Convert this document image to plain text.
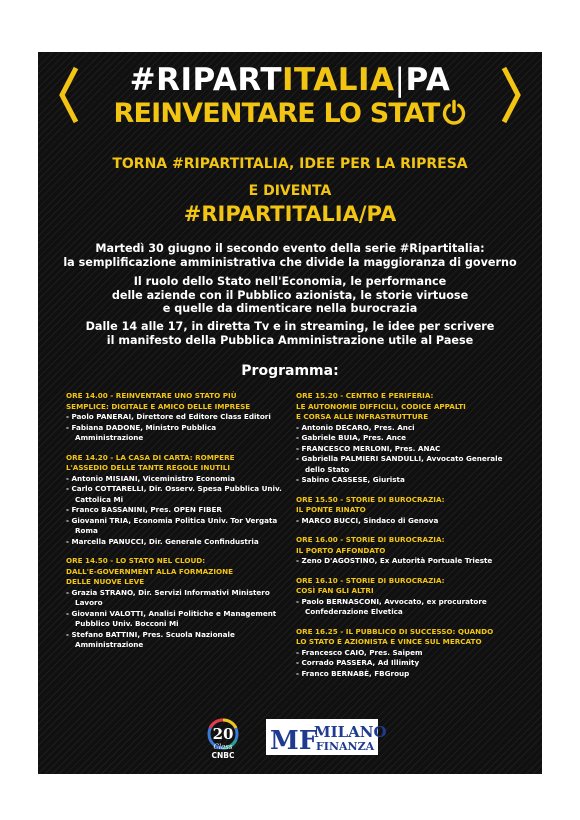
#RIPARTITALIA|PA
REINVENTARE LO STAT
TORNA #RIPARTITALIA, IDEE PER LA RIPRESA
E DIVENTA
#RIPARTITALIA/PA
Martedì 30 giugno il secondo evento della serie #Ripartitalia:
la semplificazione amministrativa che divide la maggioranza di governo
Il ruolo dello Stato nell'Economia, le performance
delle aziende con il Pubblico azionista, le storie virtuose
e quelle da dimenticare nella burocrazia
Dalle 14 alle 17, in diretta Tv e in streaming, le idee per scrivere
il manifesto della Pubblica Amministrazione utile al Paese
Programma:
ORE 14.00 - REINVENTARE UNO STATO PIÙ
SEMPLICE: DIGITALE E AMICO DELLE IMPRESE
- Paolo PANERAI, Direttore ed Editore Class Editori
- Fabiana DADONE, Ministro Pubblica
Amministrazione
ORE 14.20 - LA CASA DI CARTA: ROMPERE
L'ASSEDIO DELLE TANTE REGOLE INUTILI
- Antonio MISIANI, Viceministro Economia
- Carlo COTTARELLI, Dir. Osserv. Spesa Pubblica Univ.
Cattolica Mi
- Franco BASSANINI, Pres. OPEN FIBER
- Giovanni TRIA, Economia Politica Univ. Tor Vergata
Roma
- Marcella PANUCCI, Dir. Generale Confindustria
ORE 14.50 - LO STATO NEL CLOUD:
DALL'E-GOVERNMENT ALLA FORMAZIONE
DELLE NUOVE LEVE
- Grazia STRANO, Dir. Servizi Informativi Ministero
Lavoro
- Giovanni VALOTTI, Analisi Politiche e Management
Pubblico Univ. Bocconi Mi
- Stefano BATTINI, Pres. Scuola Nazionale
Amministrazione
ORE 15.20 - CENTRO E PERIFERIA:
LE AUTONOMIE DIFFICILI, CODICE APPALTI
E CORSA ALLE INFRASTRUTTURE
- Antonio DECARO, Pres. Anci
- Gabriele BUIA, Pres. Ance
- FRANCESCO MERLONI, Pres. ANAC
- Gabriella PALMIERI SANDULLI, Avvocato Generale
dello Stato
- Sabino CASSESE, Giurista
ORE 15.50 - STORIE DI BUROCRAZIA:
IL PONTE RINATO
- MARCO BUCCI, Sindaco di Genova
ORE 16.00 - STORIE DI BUROCRAZIA:
IL PORTO AFFONDATO
- Zeno D'AGOSTINO, Ex Autorità Portuale Trieste
ORE 16.10 - STORIE DI BUROCRAZIA:
COSÌ FAN GLI ALTRI
- Paolo BERNASCONI, Avvocato, ex procuratore
Confederazione Elvetica
ORE 16.25 - IL PUBBLICO DI SUCCESSO: QUANDO
LO STATO È AZIONISTA E VINCE SUL MERCATO
- Francesco CAIO, Pres. Saipem
- Corrado PASSERA, Ad Illimity
- Franco BERNABÈ, FBGroup
20
Class
CNBC MF
MILANO
FINANZA
